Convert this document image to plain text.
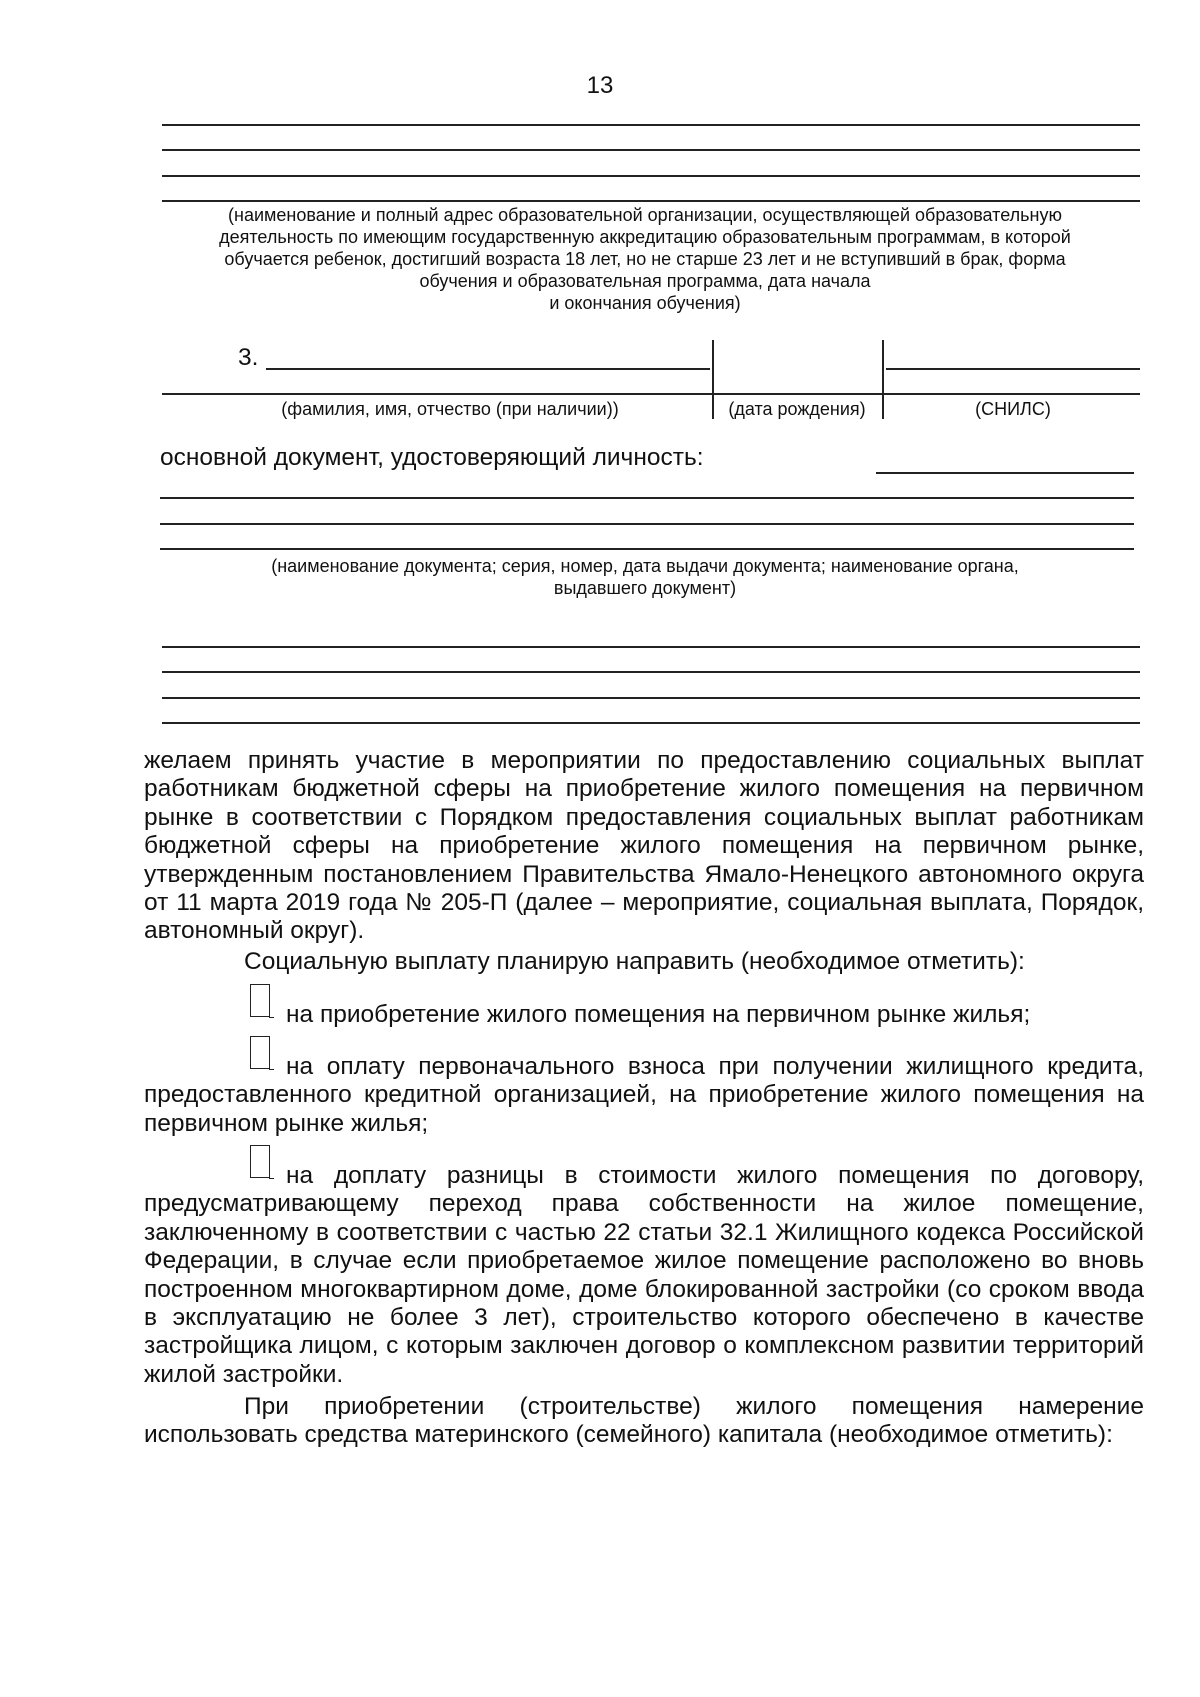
13
(наименование и полный адрес образовательной организации, осуществляющей образовательную
деятельность по имеющим государственную аккредитацию образовательным программам, в которой
обучается ребенок, достигший возраста 18 лет, но не старше 23 лет и не вступивший в брак, форма
обучения и образовательная программа, дата начала
и окончания обучения)
3.
(фамилия, имя, отчество (при наличии))	(дата рождения)	(СНИЛС)
основной документ, удостоверяющий личность:
(наименование документа; серия, номер, дата выдачи документа; наименование органа,
выдавшего документ)
желаем принять участие в мероприятии по предоставлению социальных выплат работникам бюджетной сферы на приобретение жилого помещения на первичном рынке в соответствии с Порядком предоставления социальных выплат работникам бюджетной сферы на приобретение жилого помещения на первичном рынке, утвержденным постановлением Правительства Ямало-Ненецкого автономного округа от 11 марта 2019 года № 205-П (далее – мероприятие, социальная выплата, Порядок, автономный округ).
Социальную выплату планирую направить (необходимое отметить):
на приобретение жилого помещения на первичном рынке жилья;
на оплату первоначального взноса при получении жилищного кредита, предоставленного кредитной организацией, на приобретение жилого помещения на первичном рынке жилья;
на доплату разницы в стоимости жилого помещения по договору, предусматривающему переход права собственности на жилое помещение, заключенному в соответствии с частью 22 статьи 32.1 Жилищного кодекса Российской Федерации, в случае если приобретаемое жилое помещение расположено во вновь построенном многоквартирном доме, доме блокированной застройки (со сроком ввода в эксплуатацию не более 3 лет), строительство которого обеспечено в качестве застройщика лицом, с которым заключен договор о комплексном развитии территорий жилой застройки.
При приобретении (строительстве) жилого помещения намерение использовать средства материнского (семейного) капитала (необходимое отметить):
